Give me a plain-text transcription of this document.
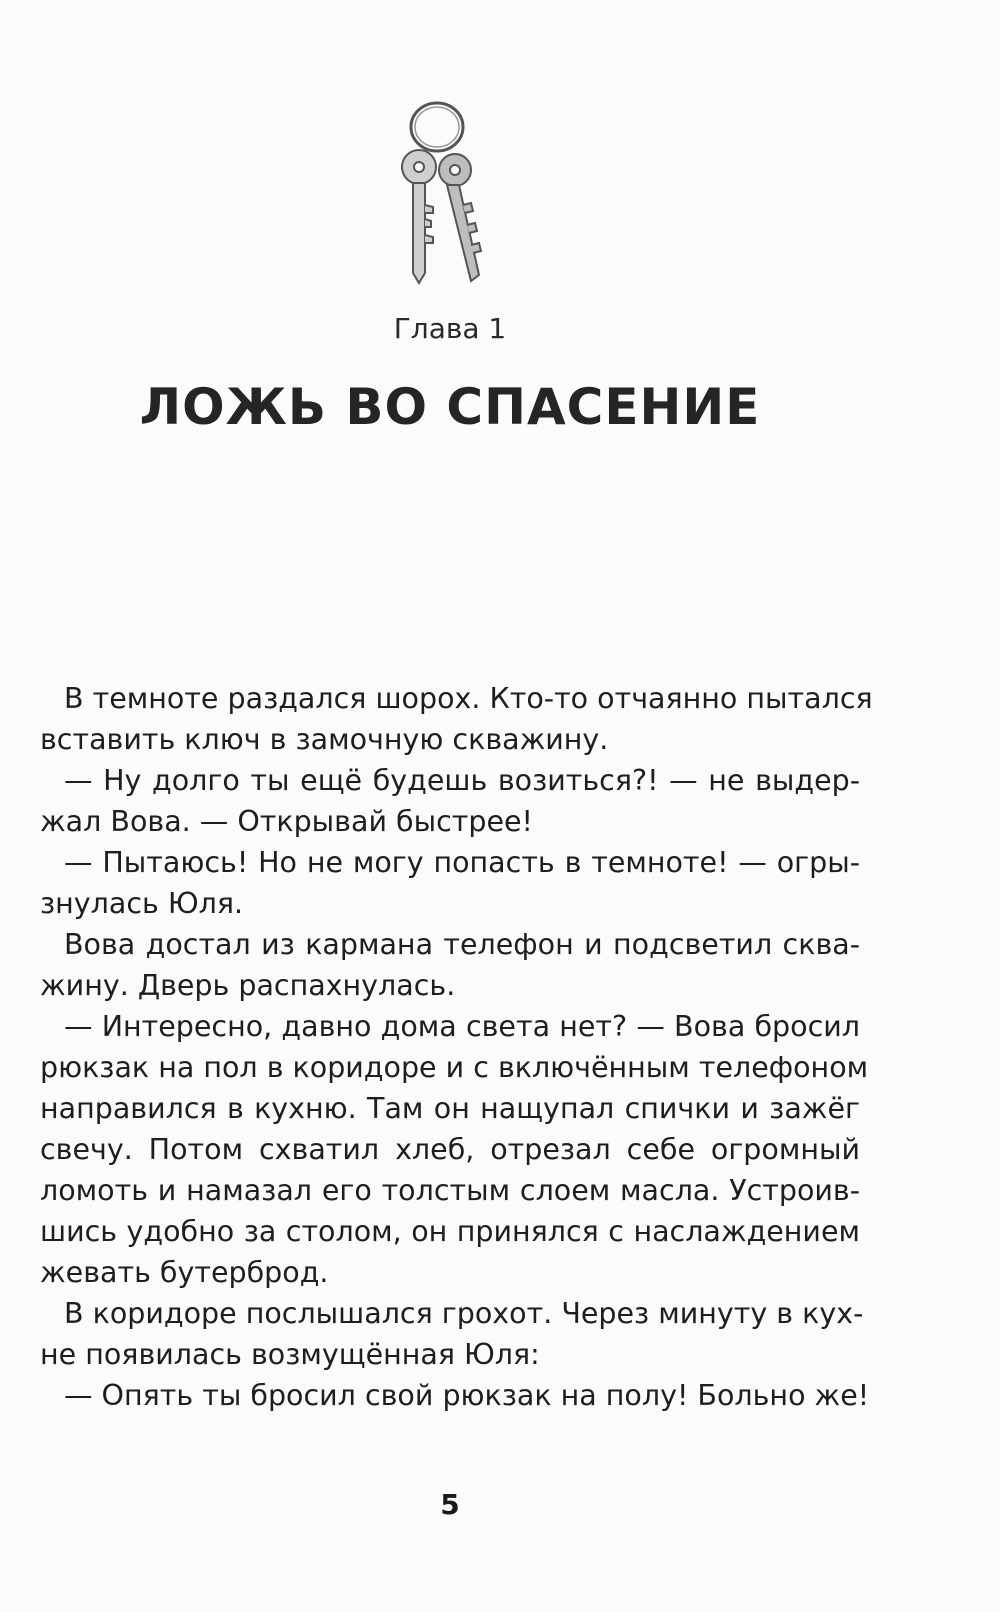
Глава 1
ЛОЖЬ ВО СПАСЕНИЕ
В темноте раздался шорох. Кто-то отчаянно пытался
вставить ключ в замочную скважину.
— Ну долго ты ещё будешь возиться?! — не выдер-
жал Вова. — Открывай быстрее!
— Пытаюсь! Но не могу попасть в темноте! — огры-
знулась Юля.
Вова достал из кармана телефон и подсветил сква-
жину. Дверь распахнулась.
— Интересно, давно дома света нет? — Вова бросил
рюкзак на пол в коридоре и с включённым телефоном
направился в кухню. Там он нащупал спички и зажёг
свечу. Потом схватил хлеб, отрезал себе огромный
ломоть и намазал его толстым слоем масла. Устроив-
шись удобно за столом, он принялся с наслаждением
жевать бутерброд.
В коридоре послышался грохот. Через минуту в кух-
не появилась возмущённая Юля:
— Опять ты бросил свой рюкзак на полу! Больно же!
5
